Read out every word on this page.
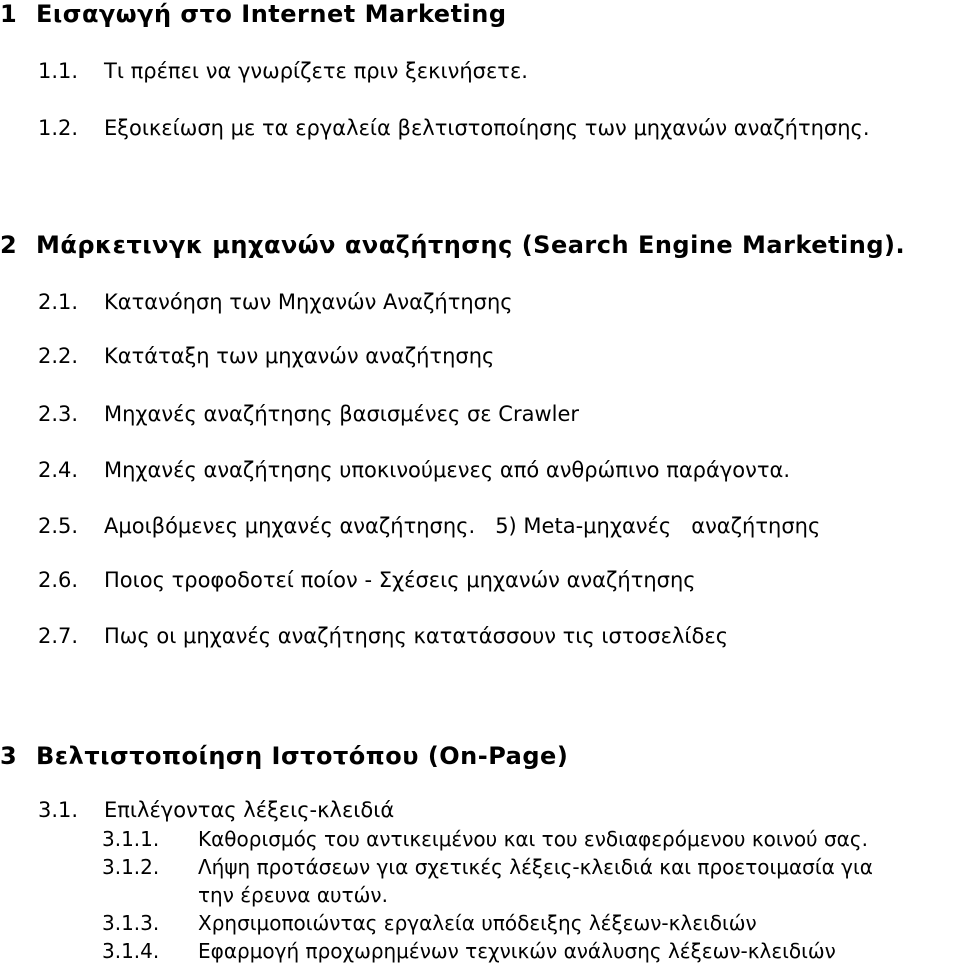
1 Εισαγωγή στο Internet Marketing
1.1. Τι πρέπει να γνωρίζετε πριν ξεκινήσετε.
1.2. Εξοικείωση με τα εργαλεία βελτιστοποίησης των μηχανών αναζήτησης.
2 Μάρκετινγκ μηχανών αναζήτησης (Search Engine Marketing).
2.1. Κατανόηση των Μηχανών Αναζήτησης
2.2. Κατάταξη των μηχανών αναζήτησης
2.3. Μηχανές αναζήτησης βασισμένες σε Crawler
2.4. Μηχανές αναζήτησης υποκινούμενες από ανθρώπινο παράγοντα.
2.5. Αμοιβόμενες μηχανές αναζήτησης.   5) Meta-μηχανές   αναζήτησης
2.6. Ποιος τροφοδοτεί ποίον - Σχέσεις μηχανών αναζήτησης
2.7. Πως οι μηχανές αναζήτησης κατατάσσουν τις ιστοσελίδες
3 Βελτιστοποίηση Ιστοτόπου (On-Page)
3.1. Επιλέγοντας λέξεις-κλειδιά
3.1.1. Καθορισμός του αντικειμένου και του ενδιαφερόμενου κοινού σας.
3.1.2. Λήψη προτάσεων για σχετικές λέξεις-κλειδιά και προετοιμασία για
την έρευνα αυτών.
3.1.3. Χρησιμοποιώντας εργαλεία υπόδειξης λέξεων-κλειδιών
3.1.4. Εφαρμογή προχωρημένων τεχνικών ανάλυσης λέξεων-κλειδιών
